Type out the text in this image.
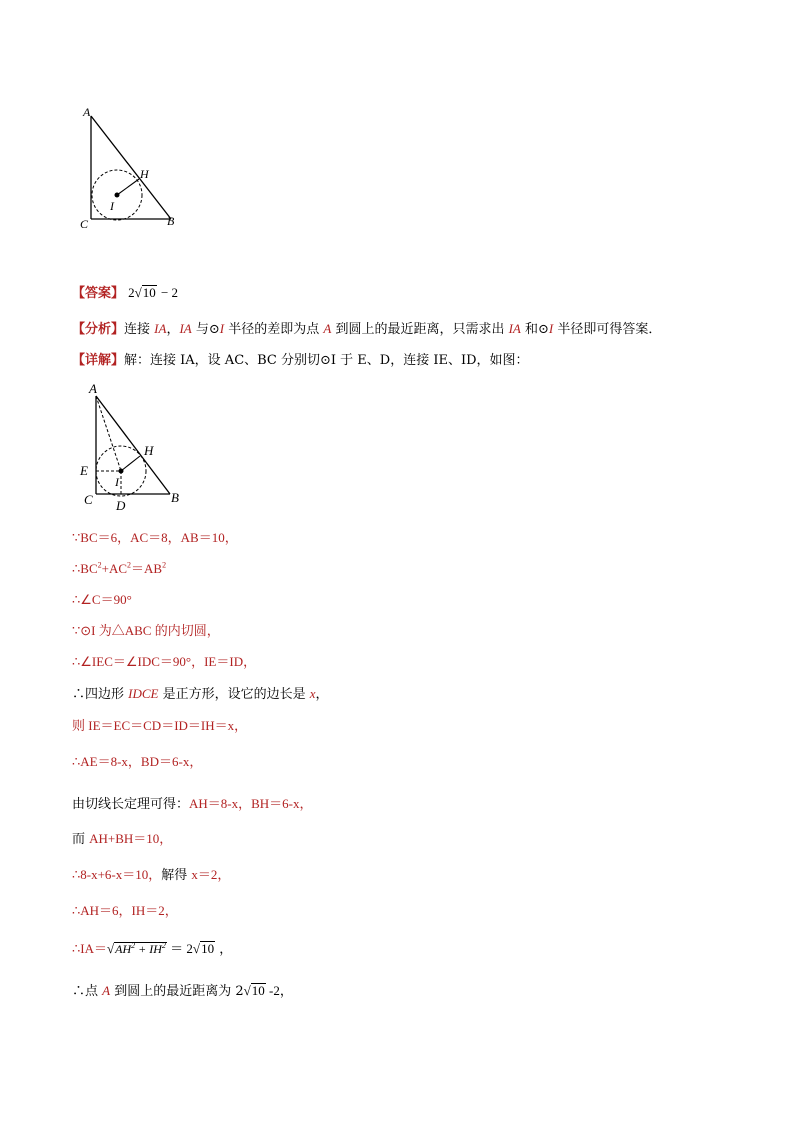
A
H
I
C	B
【答案】 2√10 − 2
【分析】连接 IA，IA 与⊙I 半径的差即为点 A 到圆上的最近距离，只需求出 IA 和⊙I 半径即可得答案．
【详解】解：连接 IA，设 AC、BC 分别切⊙I 于 E、D，连接 IE、ID，如图：
A
H
E
I
C D
B
∵BC＝6，AC＝8，AB＝10，
$\therefore BC^2+AC^2=AB^2$
∴∠C＝90°
∵⊙I 为△ABC 的内切圆，
∴∠IEC＝∠IDC＝90°，IE＝ID，
∴四边形 IDCE 是正方形，设它的边长是 x，
则 IE＝EC＝CD＝ID＝IH＝x，
∴AE＝8-x，BD＝6-x，
由切线长定理可得：AH＝8-x，BH＝6-x，
而 AH+BH＝10，
∴8-x+6-x＝10，解得 x＝2，
∴AH＝6，IH＝2，
$\therefore IA=√AH^2 + IH^2 = 2√10$ ，
∴点 A 到圆上的最近距离为 2√10 -2，
